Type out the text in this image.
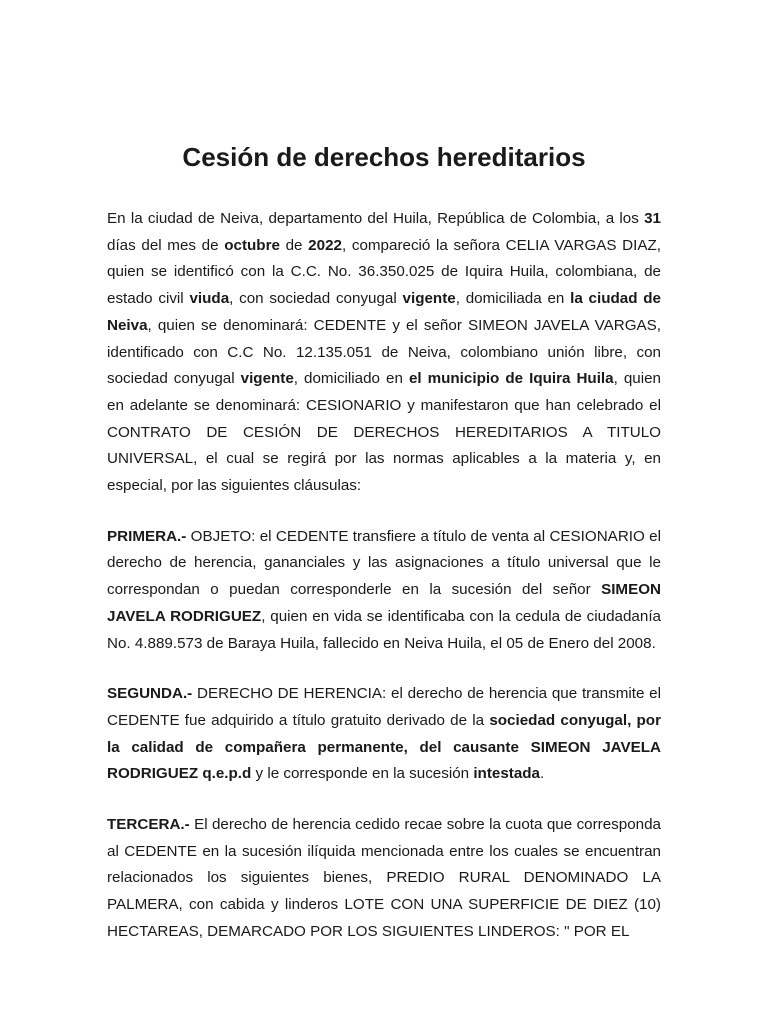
Cesión de derechos hereditarios

En la ciudad de Neiva, departamento del Huila, República de Colombia, a los 31 días del mes de octubre de 2022, compareció la señora CELIA VARGAS DIAZ, quien se identificó con la C.C. No. 36.350.025 de Iquira Huila, colombiana, de estado civil viuda, con sociedad conyugal vigente, domiciliada en la ciudad de Neiva, quien se denominará: CEDENTE y el señor SIMEON JAVELA VARGAS, identificado con C.C No. 12.135.051 de Neiva, colombiano unión libre, con sociedad conyugal vigente, domiciliado en el municipio de Iquira Huila, quien en adelante se denominará: CESIONARIO y manifestaron que han celebrado el CONTRATO DE CESIÓN DE DERECHOS HEREDITARIOS A TITULO UNIVERSAL, el cual se regirá por las normas aplicables a la materia y, en especial, por las siguientes cláusulas:

PRIMERA.- OBJETO: el CEDENTE transfiere a título de venta al CESIONARIO el derecho de herencia, gananciales y las asignaciones a título universal que le correspondan o puedan corresponderle en la sucesión del señor SIMEON JAVELA RODRIGUEZ, quien en vida se identificaba con la cedula de ciudadanía No. 4.889.573 de Baraya Huila, fallecido en Neiva Huila, el 05 de Enero del 2008.

SEGUNDA.- DERECHO DE HERENCIA: el derecho de herencia que transmite el CEDENTE fue adquirido a título gratuito derivado de la sociedad conyugal, por la calidad de compañera permanente, del causante SIMEON JAVELA RODRIGUEZ q.e.p.d y le corresponde en la sucesión intestada.

TERCERA.- El derecho de herencia cedido recae sobre la cuota que corresponda al CEDENTE en la sucesión ilíquida mencionada entre los cuales se encuentran relacionados los siguientes bienes, PREDIO RURAL DENOMINADO LA PALMERA, con cabida y linderos LOTE CON UNA SUPERFICIE DE DIEZ (10) HECTAREAS, DEMARCADO POR LOS SIGUIENTES LINDEROS: " POR EL
